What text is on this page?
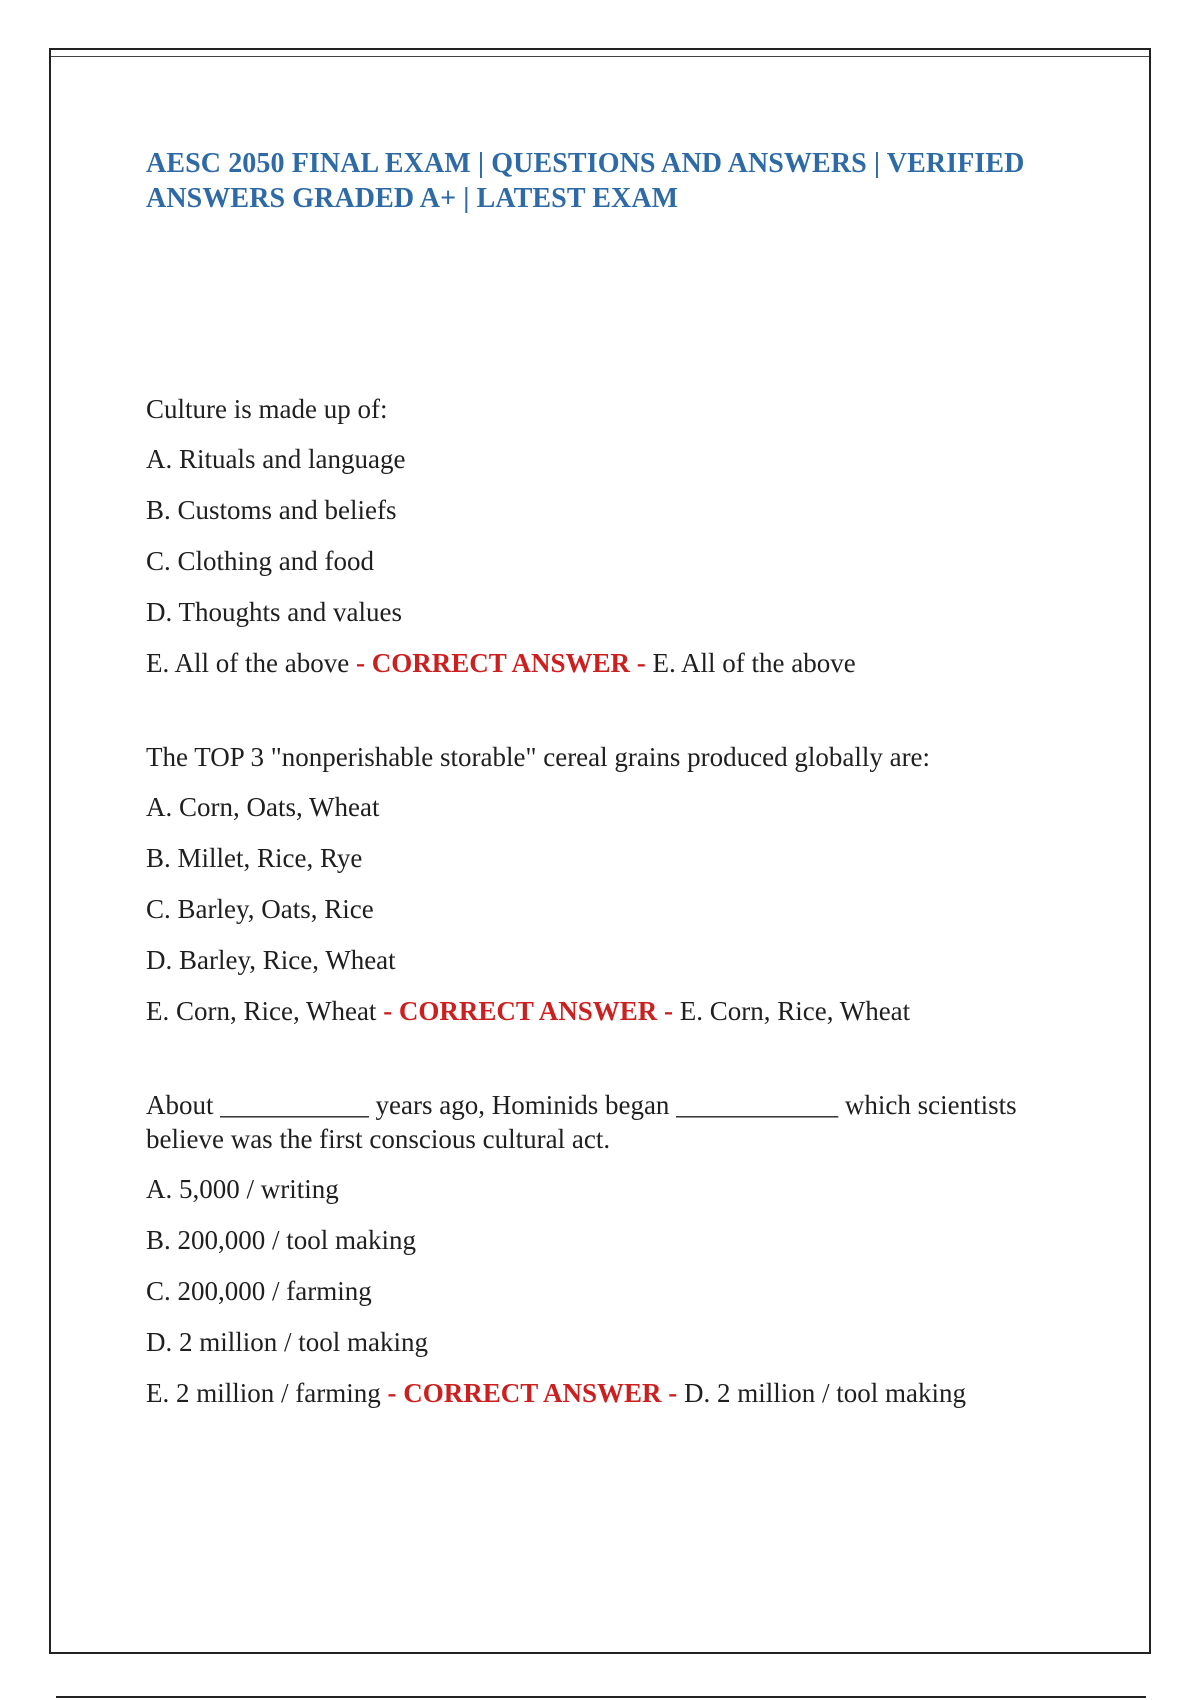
AESC 2050 FINAL EXAM | QUESTIONS AND ANSWERS | VERIFIED ANSWERS GRADED A+ | LATEST EXAM

Culture is made up of:

A. Rituals and language

B. Customs and beliefs

C. Clothing and food

D. Thoughts and values

E. All of the above - CORRECT ANSWER - E. All of the above

The TOP 3 "nonperishable storable" cereal grains produced globally are:

A. Corn, Oats, Wheat

B. Millet, Rice, Rye

C. Barley, Oats, Rice

D. Barley, Rice, Wheat

E. Corn, Rice, Wheat - CORRECT ANSWER - E. Corn, Rice, Wheat

About ___________ years ago, Hominids began ____________ which scientists believe was the first conscious cultural act.

A. 5,000 / writing

B. 200,000 / tool making

C. 200,000 / farming

D. 2 million / tool making

E. 2 million / farming - CORRECT ANSWER - D. 2 million / tool making
